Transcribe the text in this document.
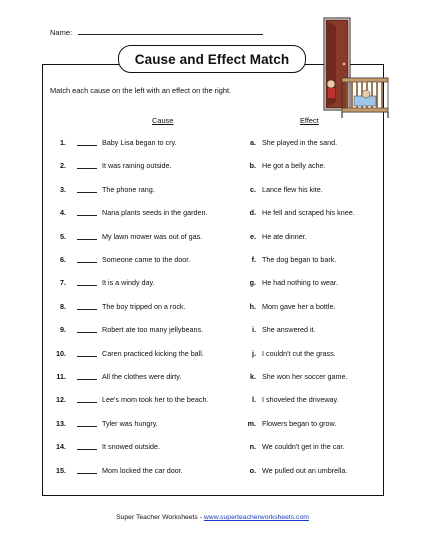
Name:
Cause and Effect Match
Match each cause on the left with an effect on the right.
Cause	Effect
1.	Baby Lisa began to cry.	a. She played in the sand.
2.	It was raining outside.	b. He got a belly ache.
3.	The phone rang.	c. Lance flew his kite.
4.	Nana plants seeds in the garden.	d. He fell and scraped his knee.
5.	My lawn mower was out of gas.	e. He ate dinner.
6.	Someone came to the door.	f. The dog began to bark.
7.	It is a windy day.	g. He had nothing to wear.
8.	The boy tripped on a rock.	h. Mom gave her a bottle.
9.	Robert ate too many jellybeans.	i. She answered it.
10.	Caren practiced kicking the ball.	j. I couldn't cut the grass.
11.	All the clothes were dirty.	k. She won her soccer game.
12.	Lee's mom took her to the beach.	l. I shoveled the driveway.
13.	Tyler was hungry.	m. Flowers began to grow.
14.	It snowed outside.	n. We couldn't get in the car.
15.	Mom locked the car door.	o. We pulled out an umbrella.
Super Teacher Worksheets - www.superteacherworksheets.com
